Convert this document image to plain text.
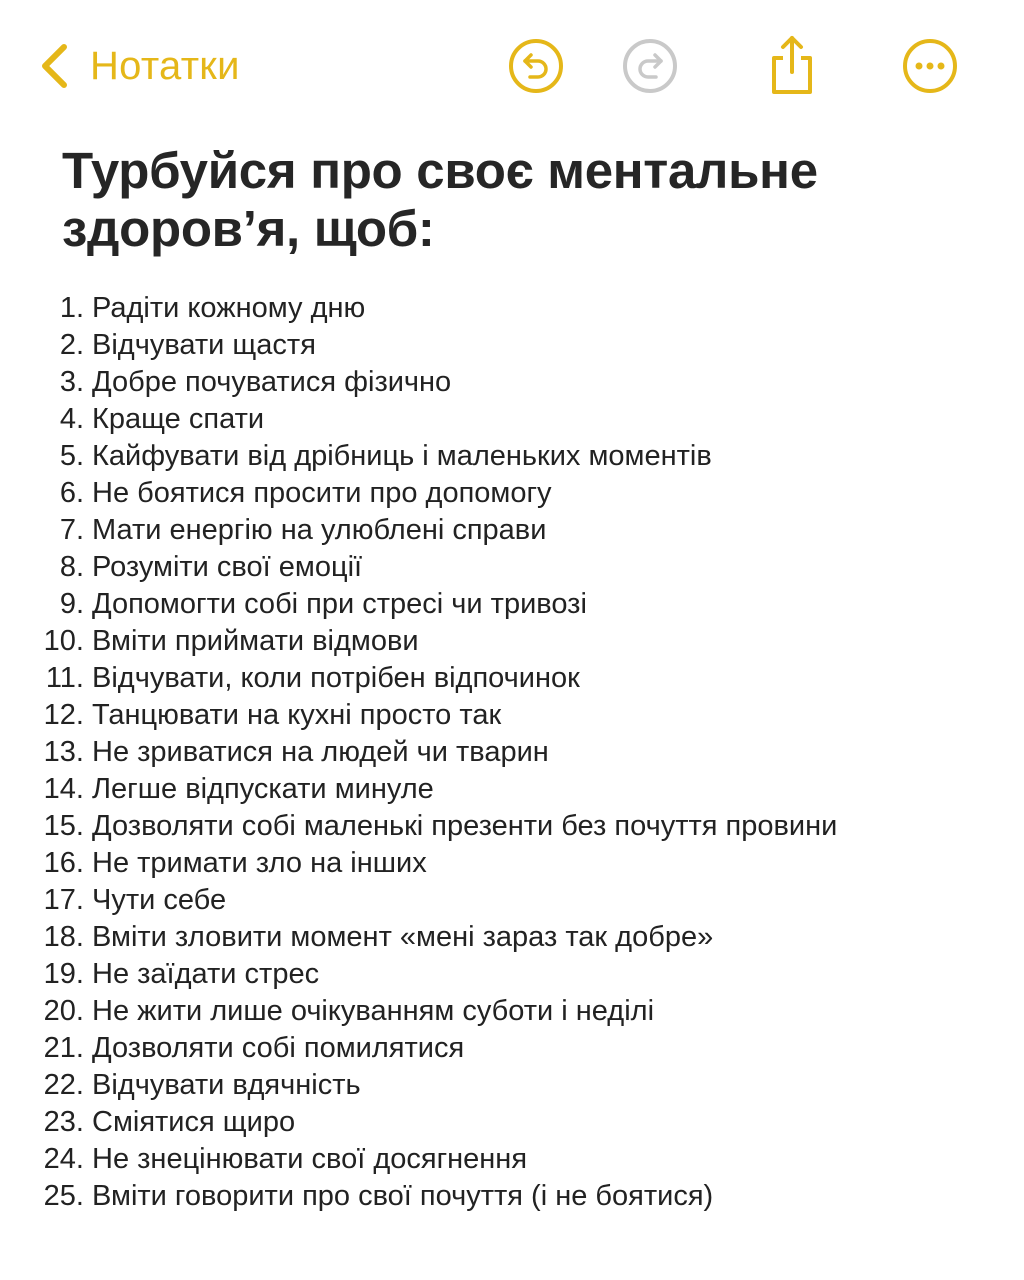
Нотатки
Турбуйся про своє ментальне здоров’я, щоб:
1. Радіти кожному дню
2. Відчувати щастя
3. Добре почуватися фізично
4. Краще спати
5. Кайфувати від дрібниць і маленьких моментів
6. Не боятися просити про допомогу
7. Мати енергію на улюблені справи
8. Розуміти свої емоції
9. Допомогти собі при стресі чи тривозі
10. Вміти приймати відмови
11. Відчувати, коли потрібен відпочинок
12. Танцювати на кухні просто так
13. Не зриватися на людей чи тварин
14. Легше відпускати минуле
15. Дозволяти собі маленькі презенти без почуття провини
16. Не тримати зло на інших
17. Чути себе
18. Вміти зловити момент «мені зараз так добре»
19. Не заїдати стрес
20. Не жити лише очікуванням суботи і неділі
21. Дозволяти собі помилятися
22. Відчувати вдячність
23. Сміятися щиро
24. Не знецінювати свої досягнення
25. Вміти говорити про свої почуття (і не боятися)
